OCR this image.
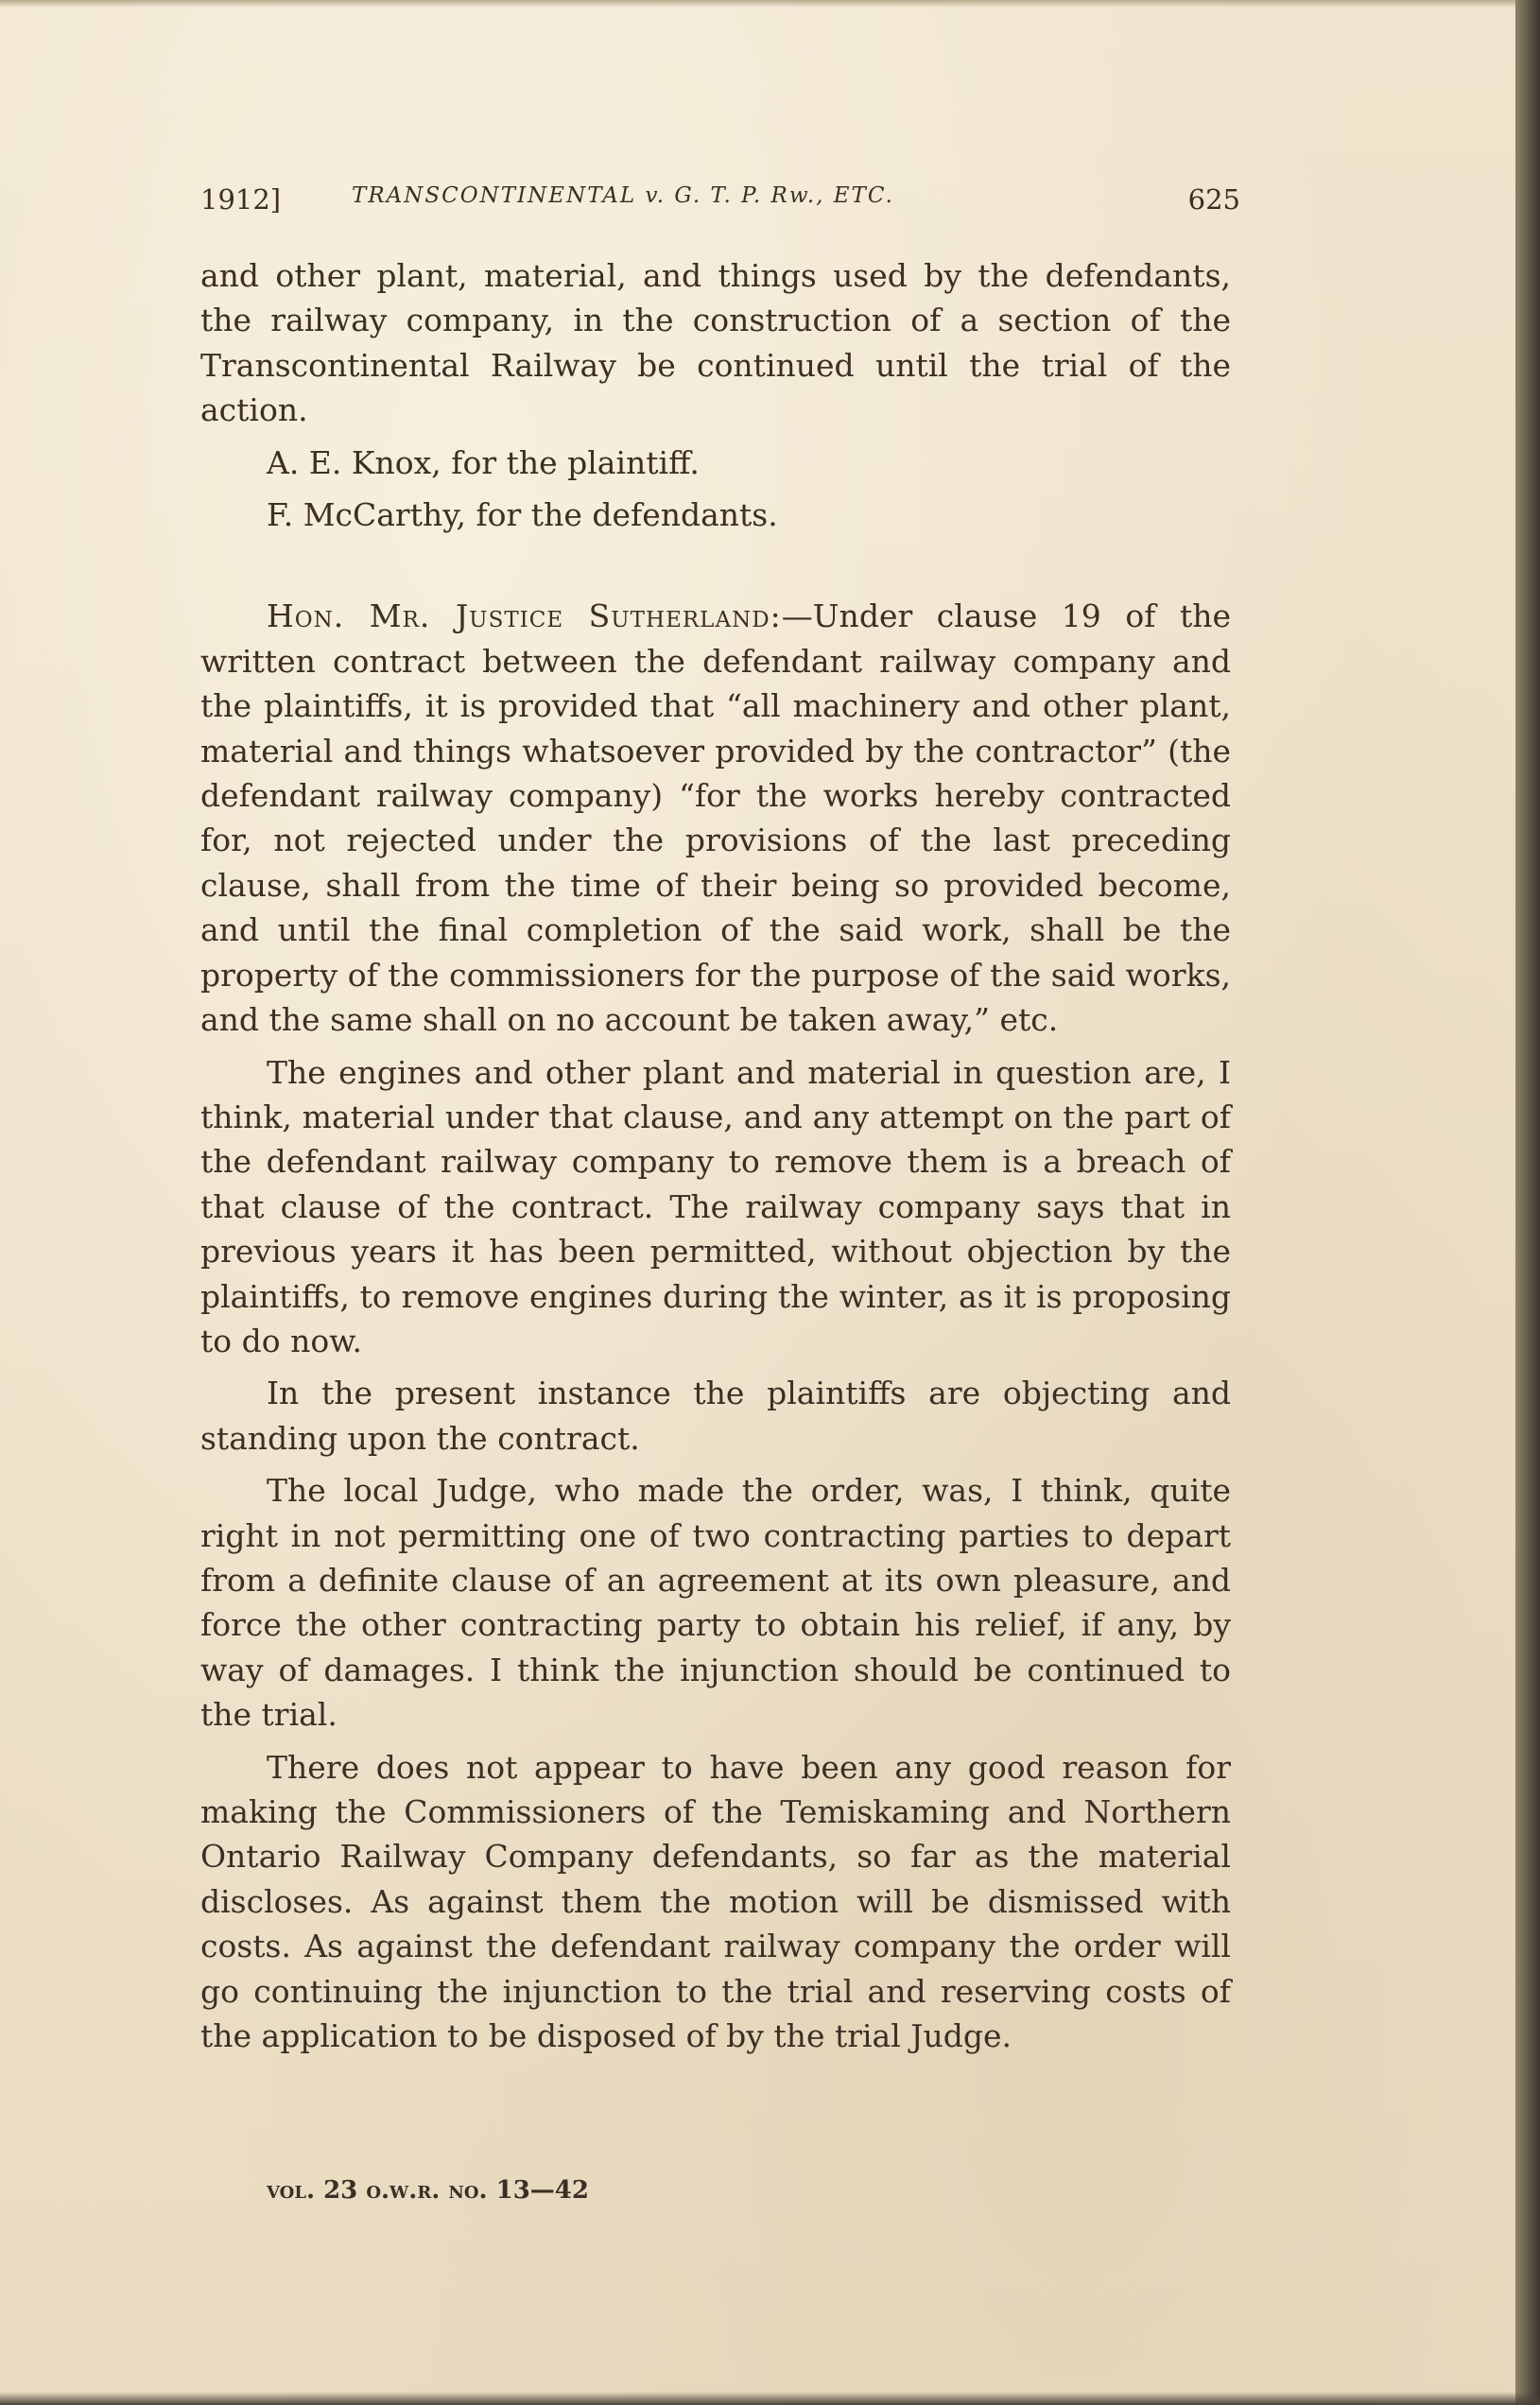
1912]	TRANSCONTINENTAL v. G. T. P. Rw., ETC.	625

and other plant, material, and things used by the defendants, the railway company, in the construction of a section of the Transcontinental Railway be continued until the trial of the action.

A. E. Knox, for the plaintiff.

F. McCarthy, for the defendants.

Hon. Mr. Justice Sutherland:—Under clause 19 of the written contract between the defendant railway company and the plaintiffs, it is provided that “all machinery and other plant, material and things whatsoever provided by the contractor” (the defendant railway company) “for the works hereby contracted for, not rejected under the provisions of the last preceding clause, shall from the time of their being so provided become, and until the final completion of the said work, shall be the property of the commissioners for the purpose of the said works, and the same shall on no account be taken away,” etc.

The engines and other plant and material in question are, I think, material under that clause, and any attempt on the part of the defendant railway company to remove them is a breach of that clause of the contract. The railway company says that in previous years it has been permitted, without objection by the plaintiffs, to remove engines during the winter, as it is proposing to do now.

In the present instance the plaintiffs are objecting and standing upon the contract.

The local Judge, who made the order, was, I think, quite right in not permitting one of two contracting parties to depart from a definite clause of an agreement at its own pleasure, and force the other contracting party to obtain his relief, if any, by way of damages. I think the injunction should be continued to the trial.

There does not appear to have been any good reason for making the Commissioners of the Temiskaming and Northern Ontario Railway Company defendants, so far as the material discloses. As against them the motion will be dismissed with costs. As against the defendant railway company the order will go continuing the injunction to the trial and reserving costs of the application to be disposed of by the trial Judge.

vol. 23 o.w.r. no. 13—42
